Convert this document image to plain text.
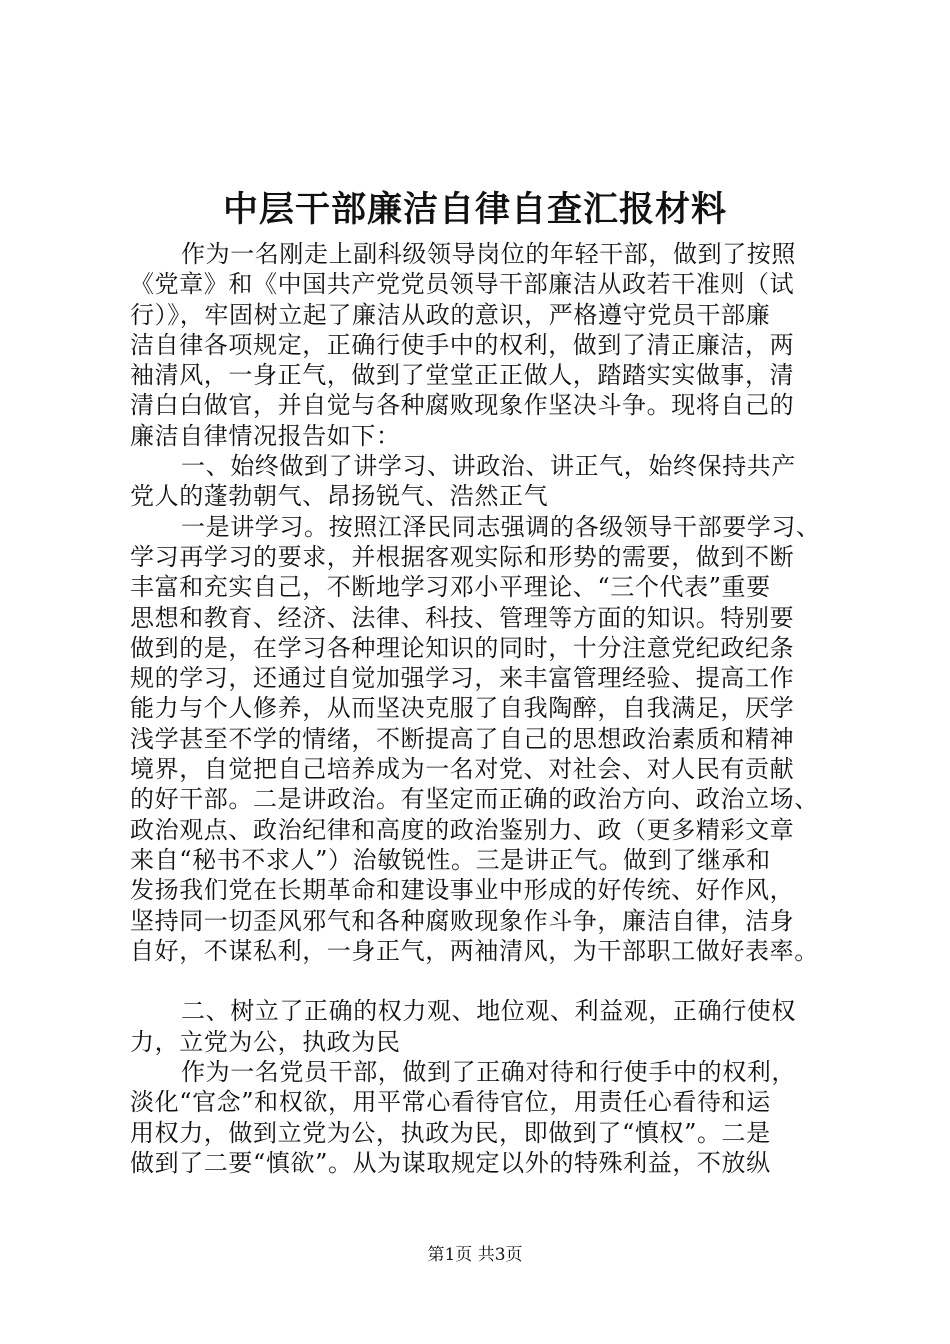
中层干部廉洁自律自查汇报材料
作为一名刚走上副科级领导岗位的年轻干部，做到了按照
《党章》和《中国共产党党员领导干部廉洁从政若干准则（试
行）》，牢固树立起了廉洁从政的意识，严格遵守党员干部廉
洁自律各项规定，正确行使手中的权利，做到了清正廉洁，两
袖清风，一身正气，做到了堂堂正正做人，踏踏实实做事，清
清白白做官，并自觉与各种腐败现象作坚决斗争。现将自己的
廉洁自律情况报告如下：
一、始终做到了讲学习、讲政治、讲正气，始终保持共产
党人的蓬勃朝气、昂扬锐气、浩然正气
一是讲学习。按照江泽民同志强调的各级领导干部要学习、
学习再学习的要求，并根据客观实际和形势的需要，做到不断
丰富和充实自己，不断地学习邓小平理论、“三个代表”重要
思想和教育、经济、法律、科技、管理等方面的知识。特别要
做到的是，在学习各种理论知识的同时，十分注意党纪政纪条
规的学习，还通过自觉加强学习，来丰富管理经验、提高工作
能力与个人修养，从而坚决克服了自我陶醉，自我满足，厌学
浅学甚至不学的情绪，不断提高了自己的思想政治素质和精神
境界，自觉把自己培养成为一名对党、对社会、对人民有贡献
的好干部。二是讲政治。有坚定而正确的政治方向、政治立场、
政治观点、政治纪律和高度的政治鉴别力、政（更多精彩文章
来自“秘书不求人”）治敏锐性。三是讲正气。做到了继承和
发扬我们党在长期革命和建设事业中形成的好传统、好作风，
坚持同一切歪风邪气和各种腐败现象作斗争，廉洁自律，洁身
自好，不谋私利，一身正气，两袖清风，为干部职工做好表率。
二、树立了正确的权力观、地位观、利益观，正确行使权
力，立党为公，执政为民
作为一名党员干部，做到了正确对待和行使手中的权利，
淡化“官念”和权欲，用平常心看待官位，用责任心看待和运
用权力，做到立党为公，执政为民，即做到了“慎权”。二是
做到了二要“慎欲”。从为谋取规定以外的特殊利益，不放纵
第1页 共3页
